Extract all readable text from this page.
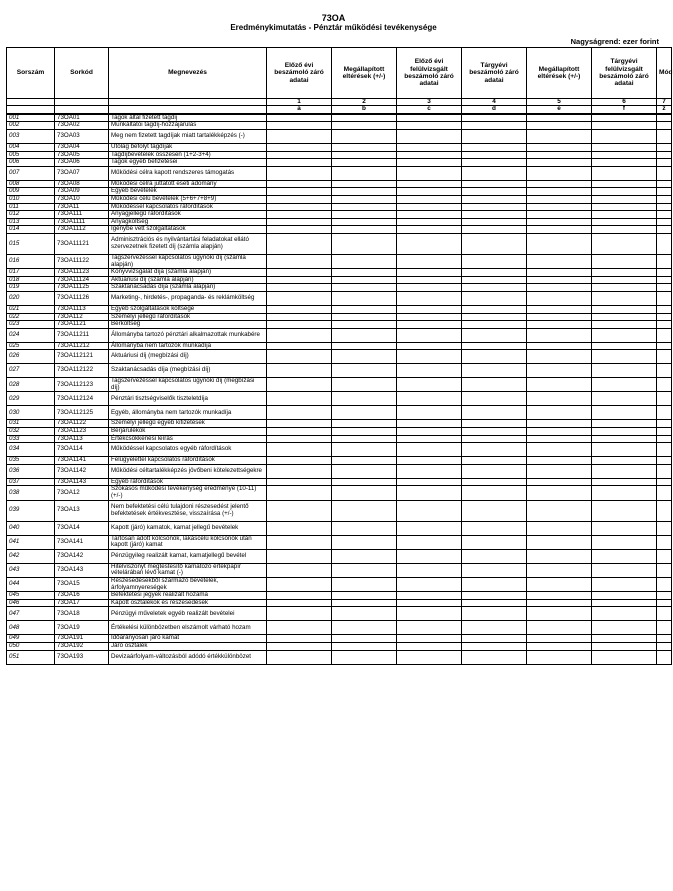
73OA
Eredménykimutatás - Pénztár működési tevékenysége
Nagyságrend: ezer forint
Sorszám	Sorkód	Megnevezés	Előző évi beszámoló záró adatai	Megállapított eltérések (+/-)	Előző évi felülvizsgált beszámoló záró adatai	Tárgyévi beszámoló záró adatai	Megállapított eltérések (+/-)	Tárgyévi felülvizsgált beszámoló záró adatai	Mód
			1	2	3	4	5	6	7
			a	b	c	d	e	f	z
001	73OA01	Tagok által fizetett tagdíj							
002	73OA02	Munkáltatói tagdíj-hozzájárulás							
003	73OA03	Meg nem fizetett tagdíjak miatt tartalékképzés (-)							
004	73OA04	Utólag befolyt tagdíjak							
005	73OA05	Tagdíjbevételek összesen (1+2-3+4)							
006	73OA06	Tagok egyéb befizetései							
007	73OA07	Működési célra kapott rendszeres támogatás							
008	73OA08	Működési célra juttatott eseti adomány							
009	73OA09	Egyéb bevételek							
010	73OA10	Működési célú bevételek (5+6+7+8+9)							
011	73OA11	Működéssel kapcsolatos ráfordítások							
012	73OA111	Anyagjellegű ráfordítások							
013	73OA1111	Anyagköltség							
014	73OA1112	Igénybe vett szolgáltatások							
015	73OA11121	Adminisztrációs és nyilvántartási feladatokat ellátó szervezetnek fizetett díj (számla alapján)							
016	73OA11122	Tagszervezéssel kapcsolatos ügynöki díj (számla alapján)							
017	73OA11123	Könyvvizsgálat díja (számla alapján)							
018	73OA11124	Aktuáriusi díj (számla alapján)							
019	73OA11125	Szaktanácsadás díja (számla alapján)							
020	73OA11126	Marketing-, hirdetés-, propaganda- és reklámköltség							
021	73OA1113	Egyéb szolgáltatások költsége							
022	73OA112	Személyi jellegű ráfordítások							
023	73OA1121	Bérköltség							
024	73OA11211	Állományba tartozó pénztári alkalmazottak munkabére							
025	73OA11212	Állományba nem tartozók munkadíja							
026	73OA112121	Aktuáriusi díj (megbízási díj)							
027	73OA112122	Szaktanácsadás díja (megbízási díj)							
028	73OA112123	Tagszervezéssel kapcsolatos ügynöki díj (megbízási díj)							
029	73OA112124	Pénztári tisztségviselők tiszteletdíja							
030	73OA112125	Egyéb, állományba nem tartozók munkadíja							
031	73OA1122	Személyi jellegű egyéb kifizetések							
032	73OA1123	Bérjárulékok							
033	73OA113	Értékcsökkenési leírás							
034	73OA114	Működéssel kapcsolatos egyéb ráfordítások							
035	73OA1141	Felügyelettel kapcsolatos ráfordítások							
036	73OA1142	Működési céltartalékképzés jövőbeni kötelezettségekre							
037	73OA1143	Egyéb ráfordítások							
038	73OA12	Szokásos működési tevékenység eredménye (10-11) (+/-)							
039	73OA13	Nem befektetési célú tulajdoni részesedést jelentő befektetések értékvesztése, visszaírása (+/-)							
040	73OA14	Kapott (járó) kamatok, kamat jellegű bevételek							
041	73OA141	Tartósan adott kölcsönök, lakáscélú kölcsönök után kapott (járó) kamat							
042	73OA142	Pénzügyileg realizált kamat, kamatjellegű bevétel							
043	73OA143	Hitelviszonyt megtestesítő kamatozó értékpapír vételárában lévő kamat (-)							
044	73OA15	Részesedésekből származó bevételek, árfolyamnyereségek							
045	73OA16	Befektetési jegyek realizált hozama							
046	73OA17	Kapott osztalékok és részesedések							
047	73OA18	Pénzügyi műveletek egyéb realizált bevételei							
048	73OA19	Értékelési különbözetben elszámolt várható hozam							
049	73OA191	Időarányosan járó kamat							
050	73OA192	Járó osztalék							
051	73OA193	Devizaárfolyam-változásból adódó értékkülönbözet							
